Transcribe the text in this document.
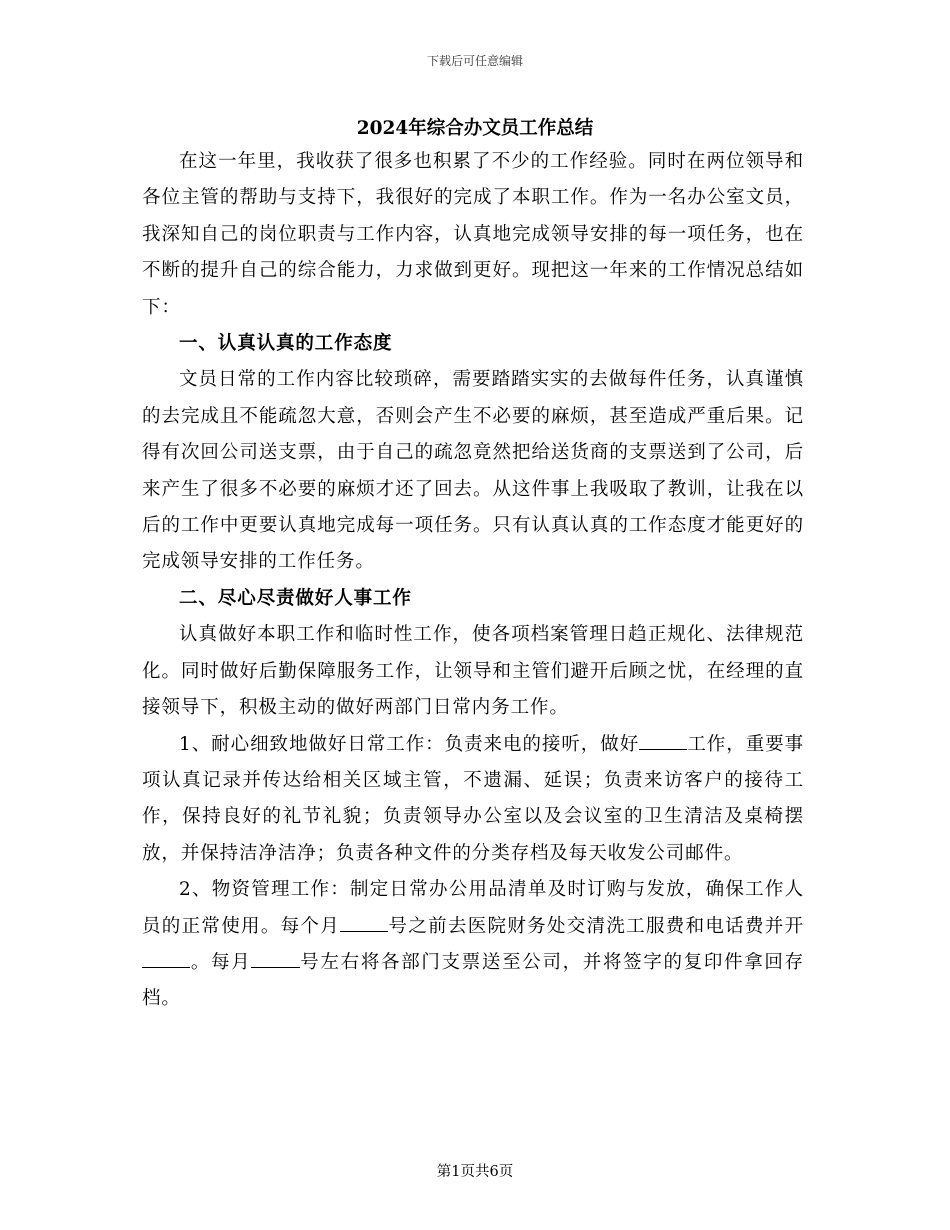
下载后可任意编辑
2024年综合办文员工作总结

在这一年里，我收获了很多也积累了不少的工作经验。同时在两位领导和各位主管的帮助与支持下，我很好的完成了本职工作。作为一名办公室文员，我深知自己的岗位职责与工作内容，认真地完成领导安排的每一项任务，也在不断的提升自己的综合能力，力求做到更好。现把这一年来的工作情况总结如下：

一、认真认真的工作态度

文员日常的工作内容比较琐碎，需要踏踏实实的去做每件任务，认真谨慎的去完成且不能疏忽大意，否则会产生不必要的麻烦，甚至造成严重后果。记得有次回公司送支票，由于自己的疏忽竟然把给送货商的支票送到了公司，后来产生了很多不必要的麻烦才还了回去。从这件事上我吸取了教训，让我在以后的工作中更要认真地完成每一项任务。只有认真认真的工作态度才能更好的完成领导安排的工作任务。

二、尽心尽责做好人事工作

认真做好本职工作和临时性工作，使各项档案管理日趋正规化、法律规范化。同时做好后勤保障服务工作，让领导和主管们避开后顾之忧，在经理的直接领导下，积极主动的做好两部门日常内务工作。

1、耐心细致地做好日常工作：负责来电的接听，做好	工作，重要事项认真记录并传达给相关区域主管，不遗漏、延误；负责来访客户的接待工作，保持良好的礼节礼貌；负责领导办公室以及会议室的卫生清洁及桌椅摆放，并保持洁净洁净；负责各种文件的分类存档及每天收发公司邮件。

2、物资管理工作：制定日常办公用品清单及时订购与发放，确保工作人员的正常使用。每个月	号之前去医院财务处交清洗工服费和电话费并开。每月	号左右将各部门支票送至公司，并将签字的复印件拿回存档。

第1页共6页
